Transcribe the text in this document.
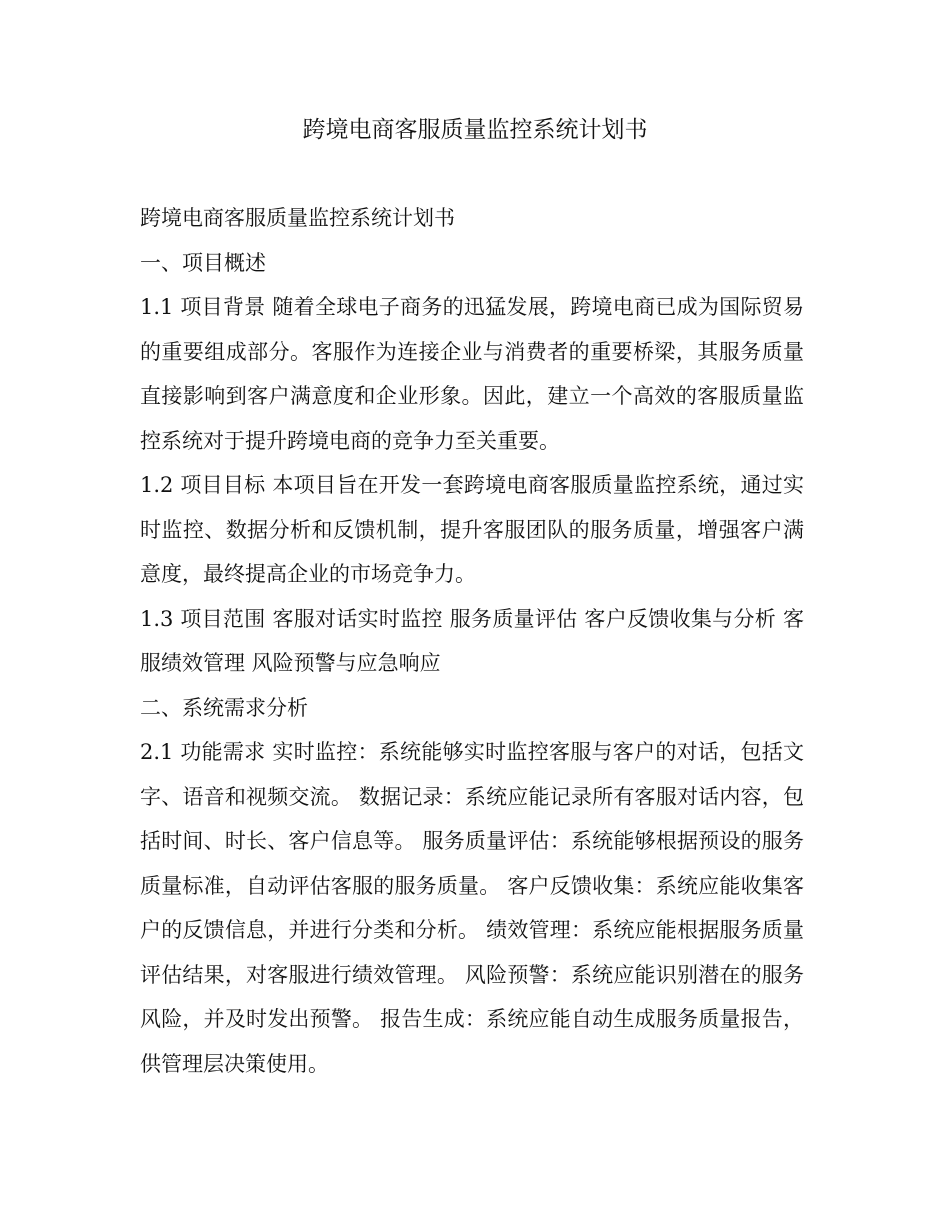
跨境电商客服质量监控系统计划书

跨境电商客服质量监控系统计划书

一、项目概述

1.1 项目背景 随着全球电子商务的迅猛发展，跨境电商已成为国际贸易的重要组成部分。客服作为连接企业与消费者的重要桥梁，其服务质量直接影响到客户满意度和企业形象。因此，建立一个高效的客服质量监控系统对于提升跨境电商的竞争力至关重要。

1.2 项目目标 本项目旨在开发一套跨境电商客服质量监控系统，通过实时监控、数据分析和反馈机制，提升客服团队的服务质量，增强客户满意度，最终提高企业的市场竞争力。

1.3 项目范围 客服对话实时监控 服务质量评估 客户反馈收集与分析 客服绩效管理 风险预警与应急响应

二、系统需求分析

2.1 功能需求 实时监控：系统能够实时监控客服与客户的对话，包括文字、语音和视频交流。 数据记录：系统应能记录所有客服对话内容，包括时间、时长、客户信息等。 服务质量评估：系统能够根据预设的服务质量标准，自动评估客服的服务质量。 客户反馈收集：系统应能收集客户的反馈信息，并进行分类和分析。 绩效管理：系统应能根据服务质量评估结果，对客服进行绩效管理。 风险预警：系统应能识别潜在的服务风险，并及时发出预警。 报告生成：系统应能自动生成服务质量报告，供管理层决策使用。
